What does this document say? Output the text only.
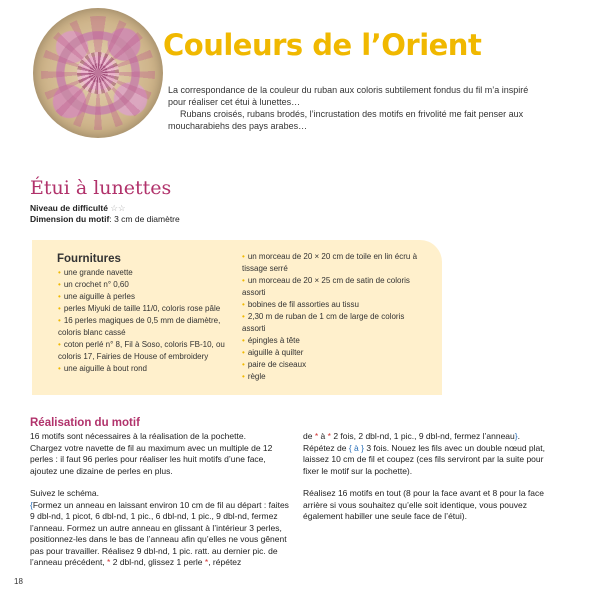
Couleurs de l’Orient

La correspondance de la couleur du ruban aux coloris subtilement fondus du fil m’a inspiré pour réaliser cet étui à lunettes…

Rubans croisés, rubans brodés, l’incrustation des motifs en frivolité me fait penser aux moucharabiehs des pays arabes…

Étui à lunettes
Niveau de difficulté ☆☆
Dimension du motif: 3 cm de diamètre
Fournitures
• une grande navette
• un crochet n° 0,60
• une aiguille à perles
• perles Miyuki de taille 11/0, coloris rose pâle
• 16 perles magiques de 0,5 mm de diamètre, coloris blanc cassé
• coton perlé n° 8, Fil à Soso, coloris FB-10, ou coloris 17, Fairies de House of embroidery
• une aiguille à bout rond
• un morceau de 20 × 20 cm de toile en lin écru à tissage serré
• un morceau de 20 × 25 cm de satin de coloris assorti
• bobines de fil assorties au tissu
• 2,30 m de ruban de 1 cm de large de coloris assorti
• épingles à tête
• aiguille à quilter
• paire de ciseaux
• règle
Réalisation du motif

16 motifs sont nécessaires à la réalisation de la pochette.
Chargez votre navette de fil au maximum avec un multiple de 12 perles : il faut 96 perles pour réaliser les huit motifs d’une face, ajoutez une dizaine de perles en plus.

Suivez le schéma.
{Formez un anneau en laissant environ 10 cm de fil au départ : faites 9 dbl-nd, 1 picot, 6 dbl-nd, 1 pic., 6 dbl-nd, 1 pic., 9 dbl-nd, fermez l’anneau. Formez un autre anneau en glissant à l’intérieur 3 perles, positionnez-les dans le bas de l’anneau afin qu’elles ne vous gênent pas pour travailler. Réalisez 9 dbl-nd, 1 pic. ratt. au dernier pic. de l’anneau précédent, * 2 dbl-nd, glissez 1 perle *, répétez

de * à * 2 fois, 2 dbl-nd, 1 pic., 9 dbl-nd, fermez l’anneau}.
Répétez de { à } 3 fois. Nouez les fils avec un double nœud plat, laissez 10 cm de fil et coupez (ces fils serviront par la suite pour fixer le motif sur la pochette).

Réalisez 16 motifs en tout (8 pour la face avant et 8 pour la face arrière si vous souhaitez qu’elle soit identique, vous pouvez également habiller une seule face de l’étui).

18
